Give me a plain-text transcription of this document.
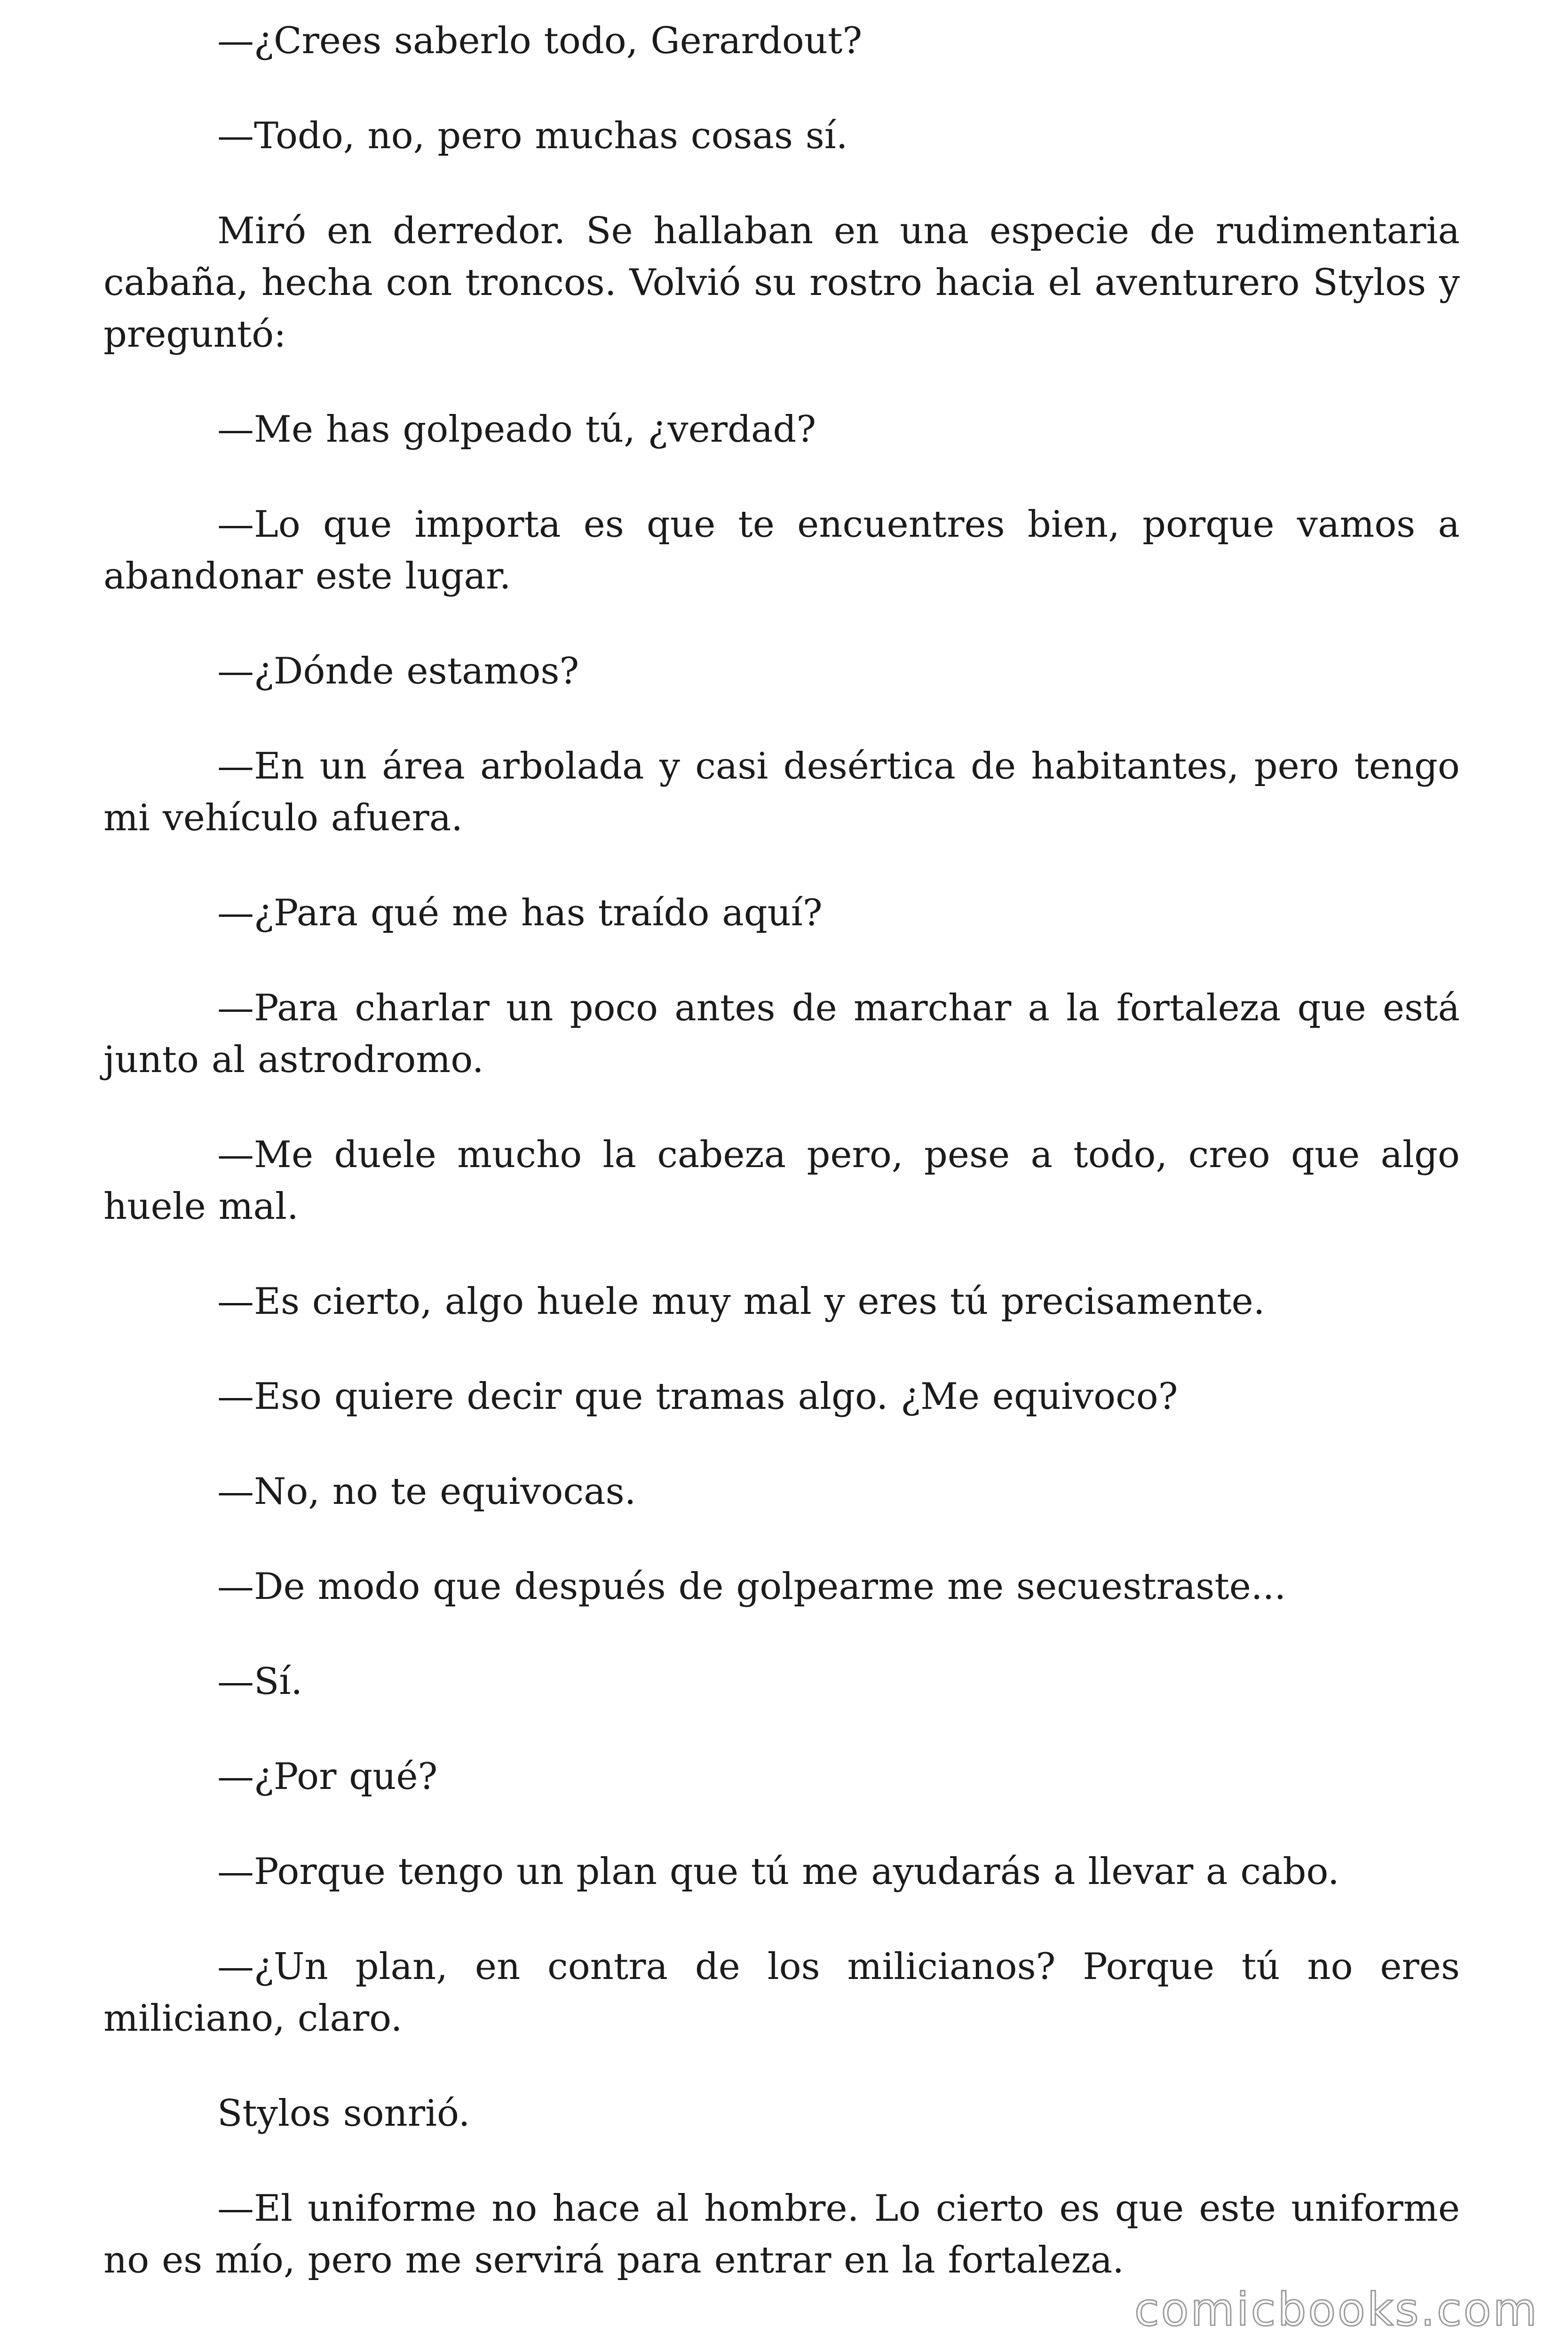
—¿Crees saberlo todo, Gerardout?

—Todo, no, pero muchas cosas sí.

Miró en derredor. Se hallaban en una especie de rudimentaria cabaña, hecha con troncos. Volvió su rostro hacia el aventurero Stylos y preguntó:

—Me has golpeado tú, ¿verdad?

—Lo que importa es que te encuentres bien, porque vamos a abandonar este lugar.

—¿Dónde estamos?

—En un área arbolada y casi desértica de habitantes, pero tengo mi vehículo afuera.

—¿Para qué me has traído aquí?

—Para charlar un poco antes de marchar a la fortaleza que está junto al astrodromo.

—Me duele mucho la cabeza pero, pese a todo, creo que algo huele mal.

—Es cierto, algo huele muy mal y eres tú precisamente.

—Eso quiere decir que tramas algo. ¿Me equivoco?

—No, no te equivocas.

—De modo que después de golpearme me secuestraste...

—Sí.

—¿Por qué?

—Porque tengo un plan que tú me ayudarás a llevar a cabo.

—¿Un plan, en contra de los milicianos? Porque tú no eres miliciano, claro.

Stylos sonrió.

—El uniforme no hace al hombre. Lo cierto es que este uniforme no es mío, pero me servirá para entrar en la fortaleza.

comicbooks.com
